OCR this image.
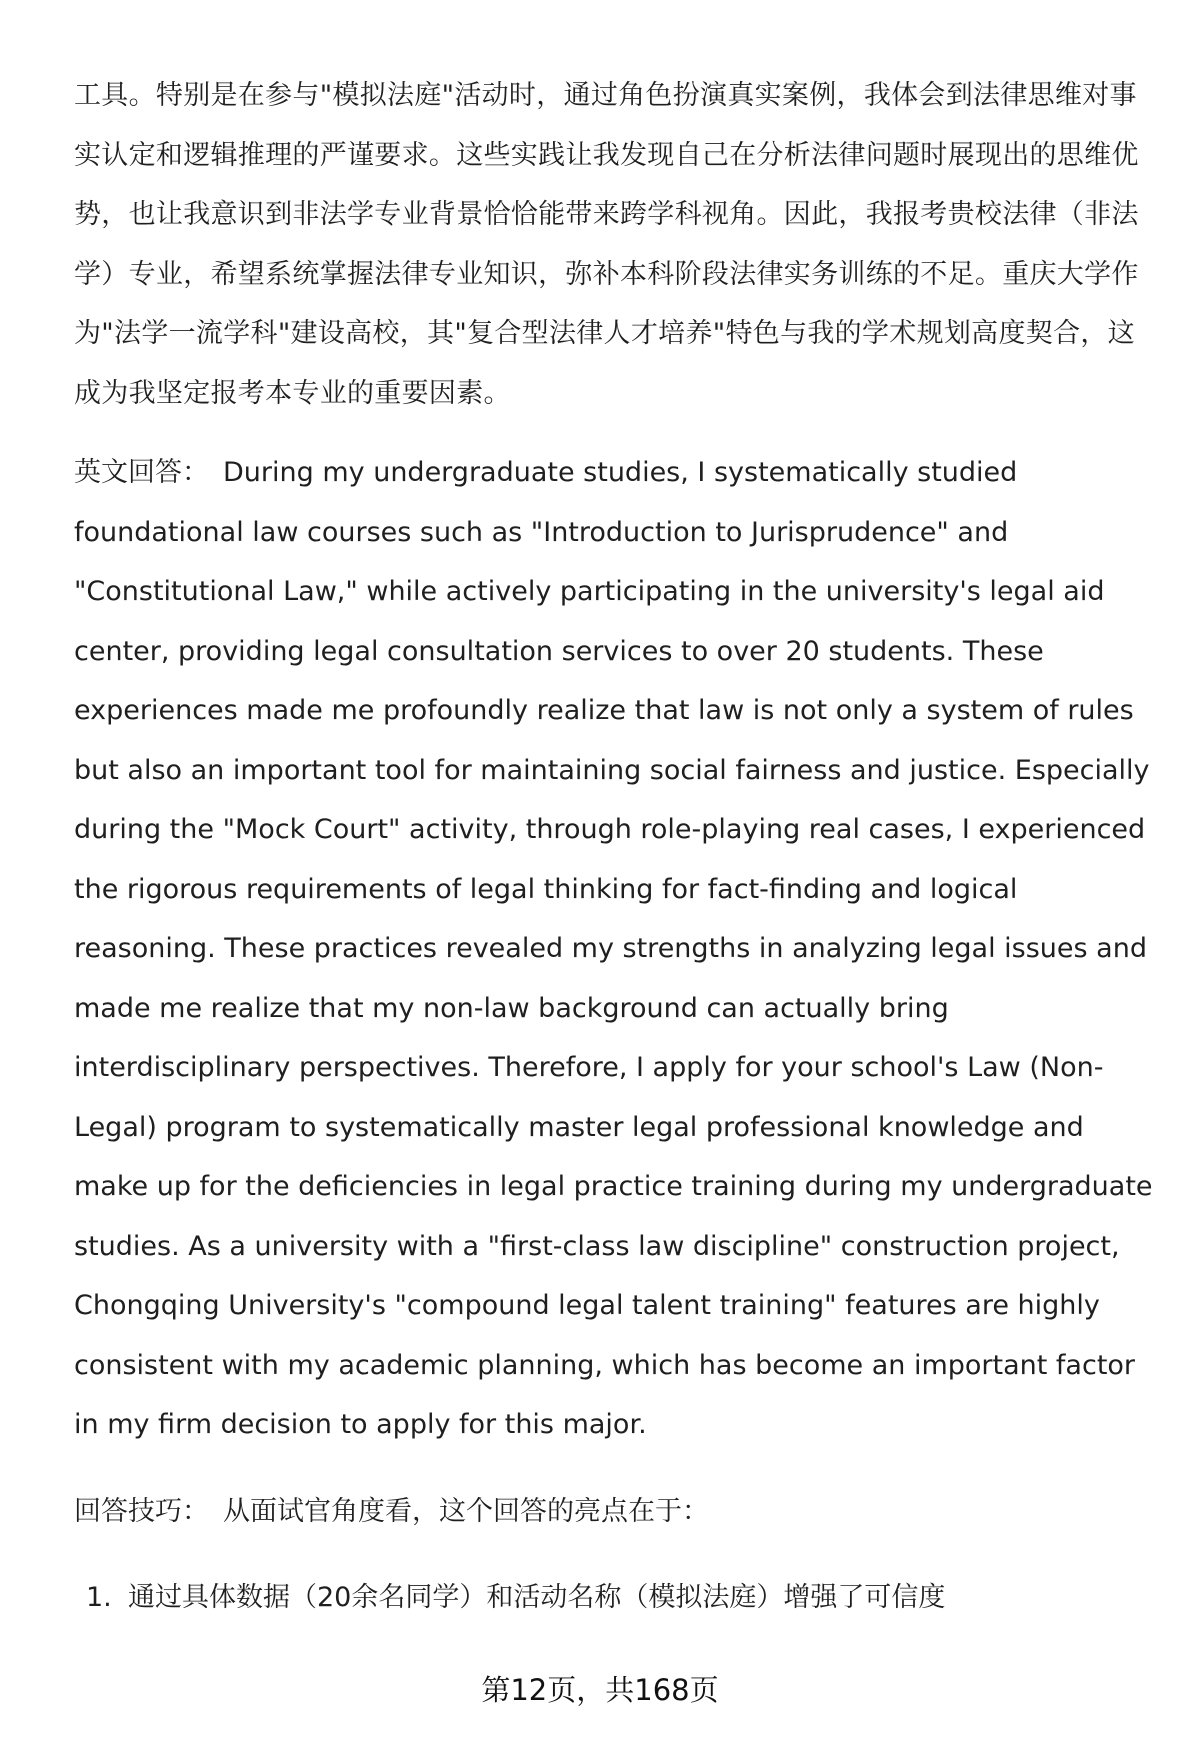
工具。特别是在参与"模拟法庭"活动时，通过角色扮演真实案例，我体会到法律思维对事实认定和逻辑推理的严谨要求。这些实践让我发现自己在分析法律问题时展现出的思维优势，也让我意识到非法学专业背景恰恰能带来跨学科视角。因此，我报考贵校法律（非法学）专业，希望系统掌握法律专业知识，弥补本科阶段法律实务训练的不足。重庆大学作为"法学一流学科"建设高校，其"复合型法律人才培养"特色与我的学术规划高度契合，这成为我坚定报考本专业的重要因素。

英文回答： During my undergraduate studies, I systematically studied foundational law courses such as "Introduction to Jurisprudence" and "Constitutional Law," while actively participating in the university's legal aid center, providing legal consultation services to over 20 students. These experiences made me profoundly realize that law is not only a system of rules but also an important tool for maintaining social fairness and justice. Especially during the "Mock Court" activity, through role-playing real cases, I experienced the rigorous requirements of legal thinking for fact-finding and logical reasoning. These practices revealed my strengths in analyzing legal issues and made me realize that my non-law background can actually bring interdisciplinary perspectives. Therefore, I apply for your school's Law (Non-Legal) program to systematically master legal professional knowledge and make up for the deficiencies in legal practice training during my undergraduate studies. As a university with a "first-class law discipline" construction project, Chongqing University's "compound legal talent training" features are highly consistent with my academic planning, which has become an important factor in my firm decision to apply for this major.

回答技巧： 从面试官角度看，这个回答的亮点在于：

1. 通过具体数据（20余名同学）和活动名称（模拟法庭）增强了可信度
第12页，共168页
